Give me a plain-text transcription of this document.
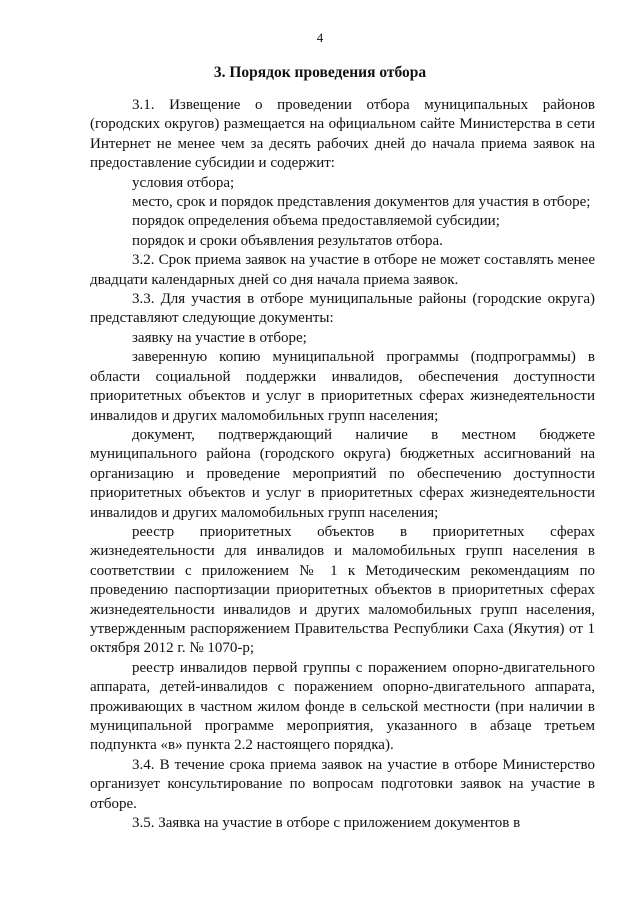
4
3. Порядок проведения отбора

3.1. Извещение о проведении отбора муниципальных районов (городских округов) размещается на официальном сайте Министерства в сети Интернет не менее чем за десять рабочих дней до начала приема заявок на предоставление субсидии и содержит:

условия отбора;

место, срок и порядок представления документов для участия в отборе;

порядок определения объема предоставляемой субсидии;

порядок и сроки объявления результатов отбора.

3.2. Срок приема заявок на участие в отборе не может составлять менее двадцати календарных дней со дня начала приема заявок.

3.3. Для участия в отборе муниципальные районы (городские округа) представляют следующие документы:

заявку на участие в отборе;

заверенную копию муниципальной программы (подпрограммы) в области социальной поддержки инвалидов, обеспечения доступности приоритетных объектов и услуг в приоритетных сферах жизнедеятельности инвалидов и других маломобильных групп населения;

документ, подтверждающий наличие в местном бюджете муниципального района (городского округа) бюджетных ассигнований на организацию и проведение мероприятий по обеспечению доступности приоритетных объектов и услуг в приоритетных сферах жизнедеятельности инвалидов и других маломобильных групп населения;

реестр приоритетных объектов в приоритетных сферах жизнедеятельности для инвалидов и маломобильных групп населения в соответствии с приложением № 1 к Методическим рекомендациям по проведению паспортизации приоритетных объектов в приоритетных сферах жизнедеятельности инвалидов и других маломобильных групп населения, утвержденным распоряжением Правительства Республики Саха (Якутия) от 1 октября 2012 г. № 1070-р;

реестр инвалидов первой группы с поражением опорно-двигательного аппарата, детей-инвалидов с поражением опорно-двигательного аппарата, проживающих в частном жилом фонде в сельской местности (при наличии в муниципальной программе мероприятия, указанного в абзаце третьем подпункта «в» пункта 2.2 настоящего порядка).

3.4. В течение срока приема заявок на участие в отборе Министерство организует консультирование по вопросам подготовки заявок на участие в отборе.

3.5. Заявка на участие в отборе с приложением документов в
